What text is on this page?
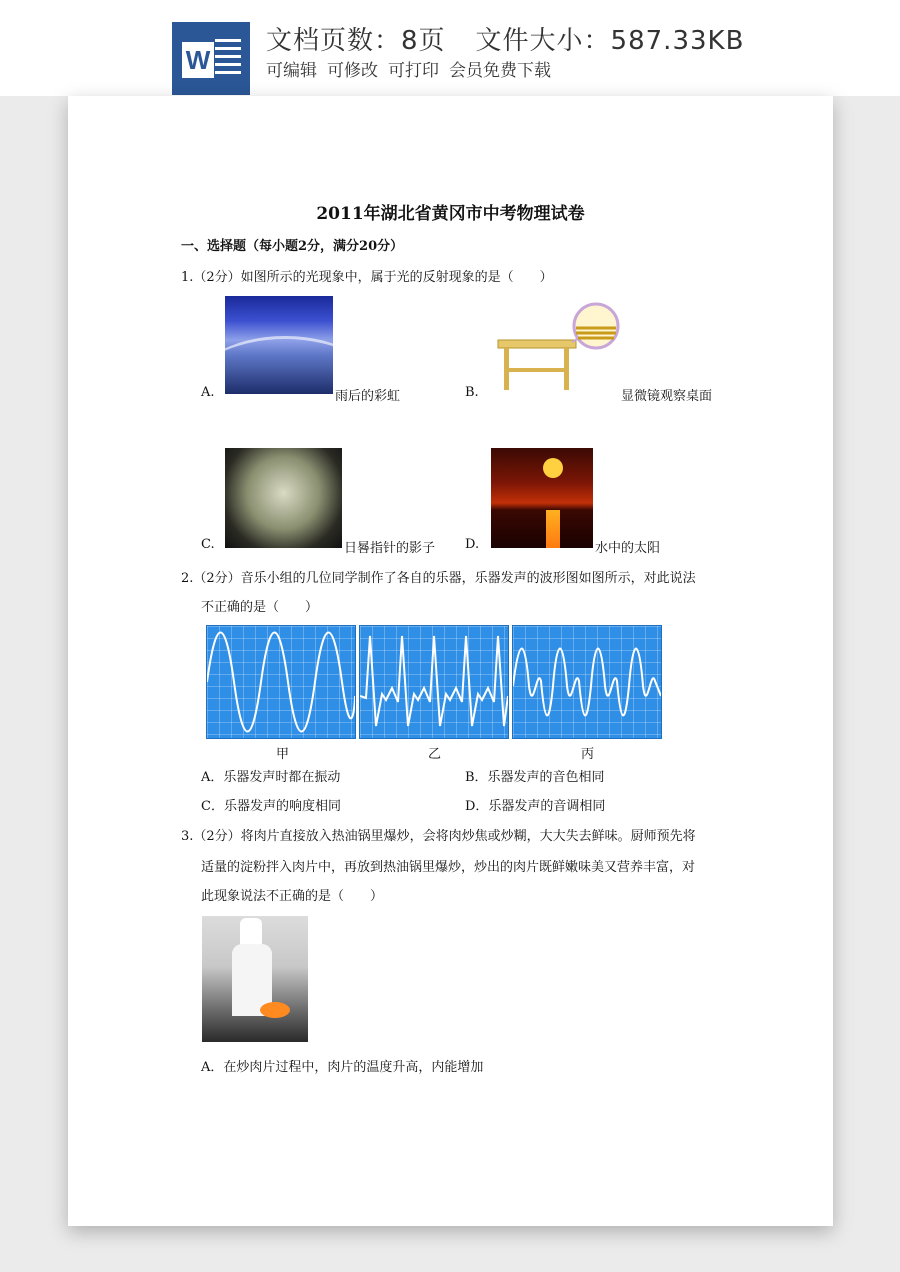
W
文档页数：8页 文件大小：587.33KB
可编辑 可修改 可打印 会员免费下载
2011年湖北省黄冈市中考物理试卷
一、选择题（每小题2分，满分20分）
1.（2分）如图所示的光现象中，属于光的反射现象的是（　　）
A.	雨后的彩虹	B.	显微镜观察桌面
C.	日晷指针的影子 D.	水中的太阳
2.（2分）音乐小组的几位同学制作了各自的乐器，乐器发声的波形图如图所示，对此说法
不正确的是（　　）
甲	乙	丙
A．乐器发声时都在振动	B．乐器发声的音色相同
C．乐器发声的响度相同	D．乐器发声的音调相同
3.（2分）将肉片直接放入热油锅里爆炒，会将肉炒焦或炒糊，大大失去鲜味。厨师预先将
适量的淀粉拌入肉片中，再放到热油锅里爆炒，炒出的肉片既鲜嫩味美又营养丰富，对
此现象说法不正确的是（　　）
A．在炒肉片过程中，肉片的温度升高，内能增加
